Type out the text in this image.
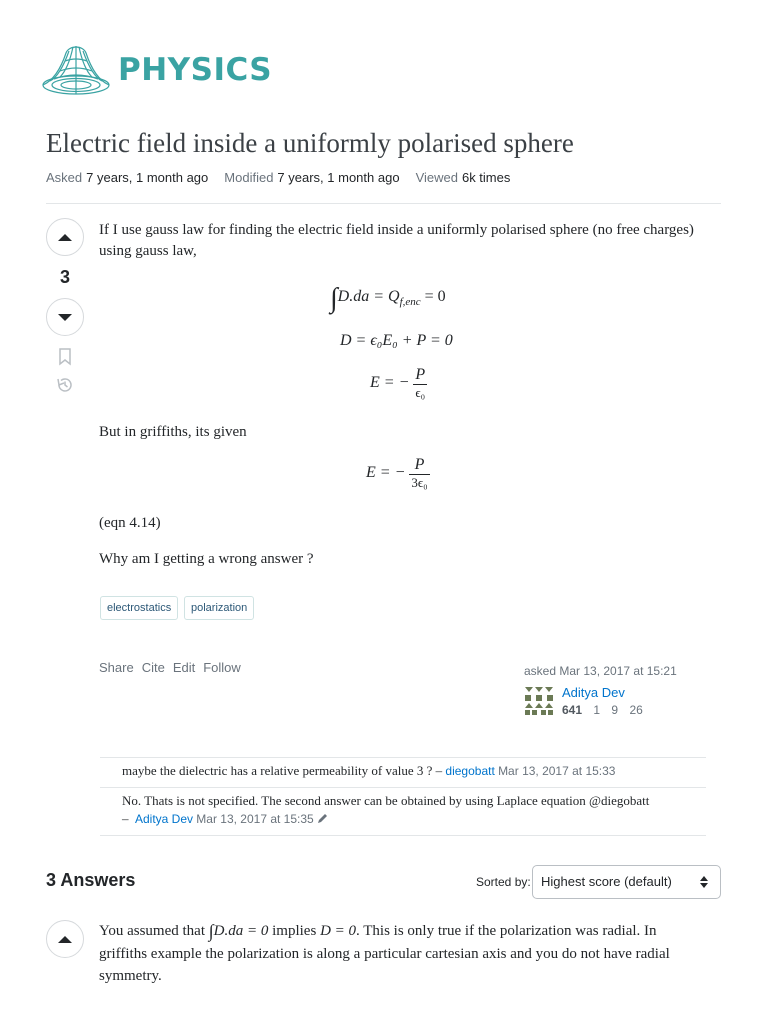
PHYSICS
Electric field inside a uniformly polarised sphere
Asked 7 years, 1 month ago Modified 7 years, 1 month ago Viewed 6k times
3

If I use gauss law for finding the electric field inside a uniformly polarised sphere (no free charges) using gauss law,

$\int D.da = Q_{f,enc} = 0$
D = ϵ₀E₀ + P = 0
E = − $\frac{P}{\text{ϵ₀}}$

But in griffiths, its given

E = − $\frac{P}{\text{3ϵ₀}}$

(eqn 4.14)

Why am I getting a wrong answer ?

electrostatics	polarization
Share Cite Edit Follow	asked Mar 13, 2017 at 15:21
Aditya Dev
641 1 9 26
maybe the dielectric has a relative permeability of value 3 ? – diegobatt Mar 13, 2017 at 15:33
No. Thats is not specified. The second answer can be obtained by using Laplace equation @diegobatt
– Aditya Dev Mar 13, 2017 at 15:35
3 Answers	Sorted by: Highest score (default)

You assumed that ∫D.da = 0 implies D = 0. This is only true if the polarization was radial. In griffiths example the polarization is along a particular cartesian axis and you do not have radial symmetry.
